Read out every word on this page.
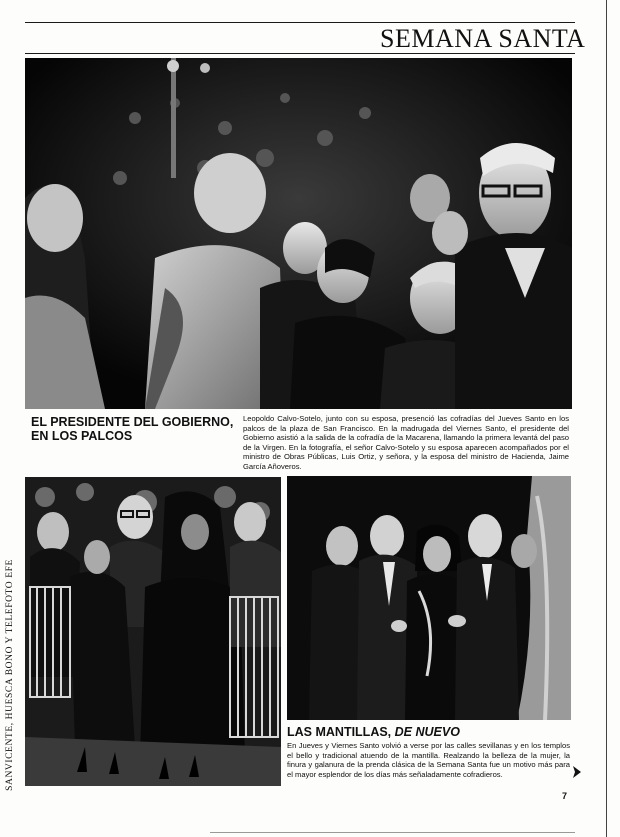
SEMANA SANTA
EL PRESIDENTE DEL GOBIERNO,
EN LOS PALCOS
Leopoldo Calvo-Sotelo, junto con su esposa, presenció las cofradías del Jueves Santo en los palcos de la plaza de San Francisco. En la madrugada del Viernes Santo, el presidente del Gobierno asistió a la salida de la cofradía de la Macarena, llamando la primera levantá del paso de la Virgen. En la fotografía, el señor Calvo-Sotelo y su esposa aparecen acompañados por el ministro de Obras Públicas, Luis Ortiz, y señora, y la esposa del ministro de Hacienda, Jaime García Añoveros.
LAS MANTILLAS, DE NUEVO
En Jueves y Viernes Santo volvió a verse por las calles sevillanas y en los templos el bello y tradicional atuendo de la mantilla. Realzando la belleza de la mujer, la finura y galanura de la prenda clásica de la Semana Santa fue un motivo más para el mayor esplendor de los días más señaladamente cofradieros.
7
SANVICENTE, HUESCA BONO Y TELEFOTO EFE
